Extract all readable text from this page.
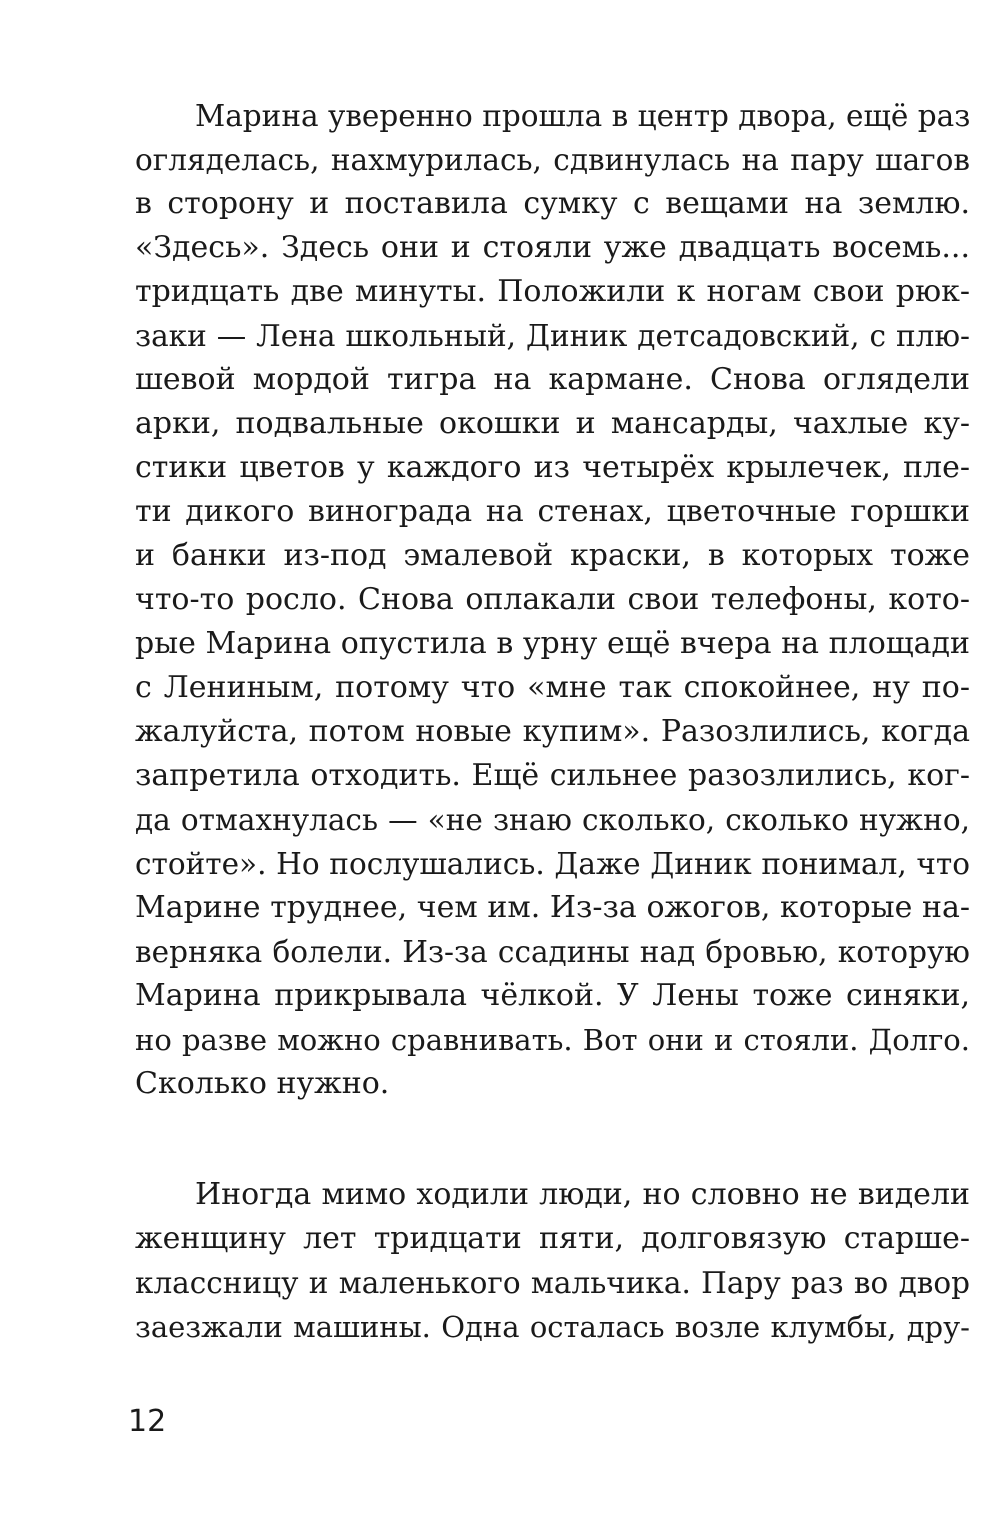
Марина уверенно прошла в центр двора, ещё раз
огляделась, нахмурилась, сдвинулась на пару шагов
в сторону и поставила сумку с вещами на землю.
«Здесь». Здесь они и стояли уже двадцать восемь...
тридцать две минуты. Положили к ногам свои рюк-
заки — Лена школьный, Диник детсадовский, с плю-
шевой мордой тигра на кармане. Снова оглядели
арки, подвальные окошки и мансарды, чахлые ку-
стики цветов у каждого из четырёх крылечек, пле-
ти дикого винограда на стенах, цветочные горшки
и банки из-под эмалевой краски, в которых тоже
что-то росло. Снова оплакали свои телефоны, кото-
рые Марина опустила в урну ещё вчера на площади
с Лениным, потому что «мне так спокойнее, ну по-
жалуйста, потом новые купим». Разозлились, когда
запретила отходить. Ещё сильнее разозлились, ког-
да отмахнулась — «не знаю сколько, сколько нужно,
стойте». Но послушались. Даже Диник понимал, что
Марине труднее, чем им. Из-за ожогов, которые на-
верняка болели. Из-за ссадины над бровью, которую
Марина прикрывала чёлкой. У Лены тоже синяки,
но разве можно сравнивать. Вот они и стояли. Долго.
Сколько нужно.
Иногда мимо ходили люди, но словно не видели
женщину лет тридцати пяти, долговязую старше-
классницу и маленького мальчика. Пару раз во двор
заезжали машины. Одна осталась возле клумбы, дру-
12
